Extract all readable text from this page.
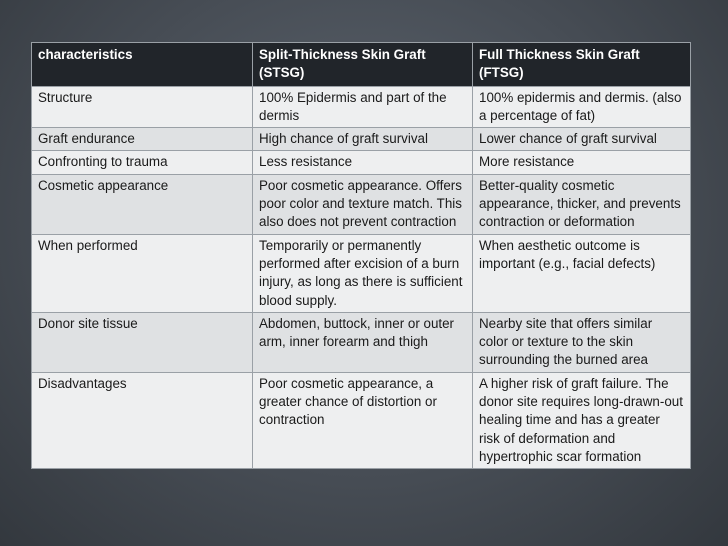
characteristics	Split-Thickness Skin Graft (STSG)	Full Thickness Skin Graft (FTSG)
Structure	100% Epidermis and part of the dermis	100% epidermis and dermis. (also a percentage of fat)
Graft endurance	High chance of graft survival	Lower chance of graft survival
Confronting to trauma	Less resistance	More resistance
Cosmetic appearance	Poor cosmetic appearance. Offers poor color and texture match. This also does not prevent contraction	Better-quality cosmetic appearance, thicker, and prevents contraction or deformation
When performed	Temporarily or permanently performed after excision of a burn injury, as long as there is sufficient blood supply.	When aesthetic outcome is important (e.g., facial defects)
Donor site tissue	Abdomen, buttock, inner or outer arm, inner forearm and thigh	Nearby site that offers similar color or texture to the skin surrounding the burned area
Disadvantages	Poor cosmetic appearance, a greater chance of distortion or contraction	A higher risk of graft failure. The donor site requires long-drawn-out healing time and has a greater risk of deformation and hypertrophic scar formation
